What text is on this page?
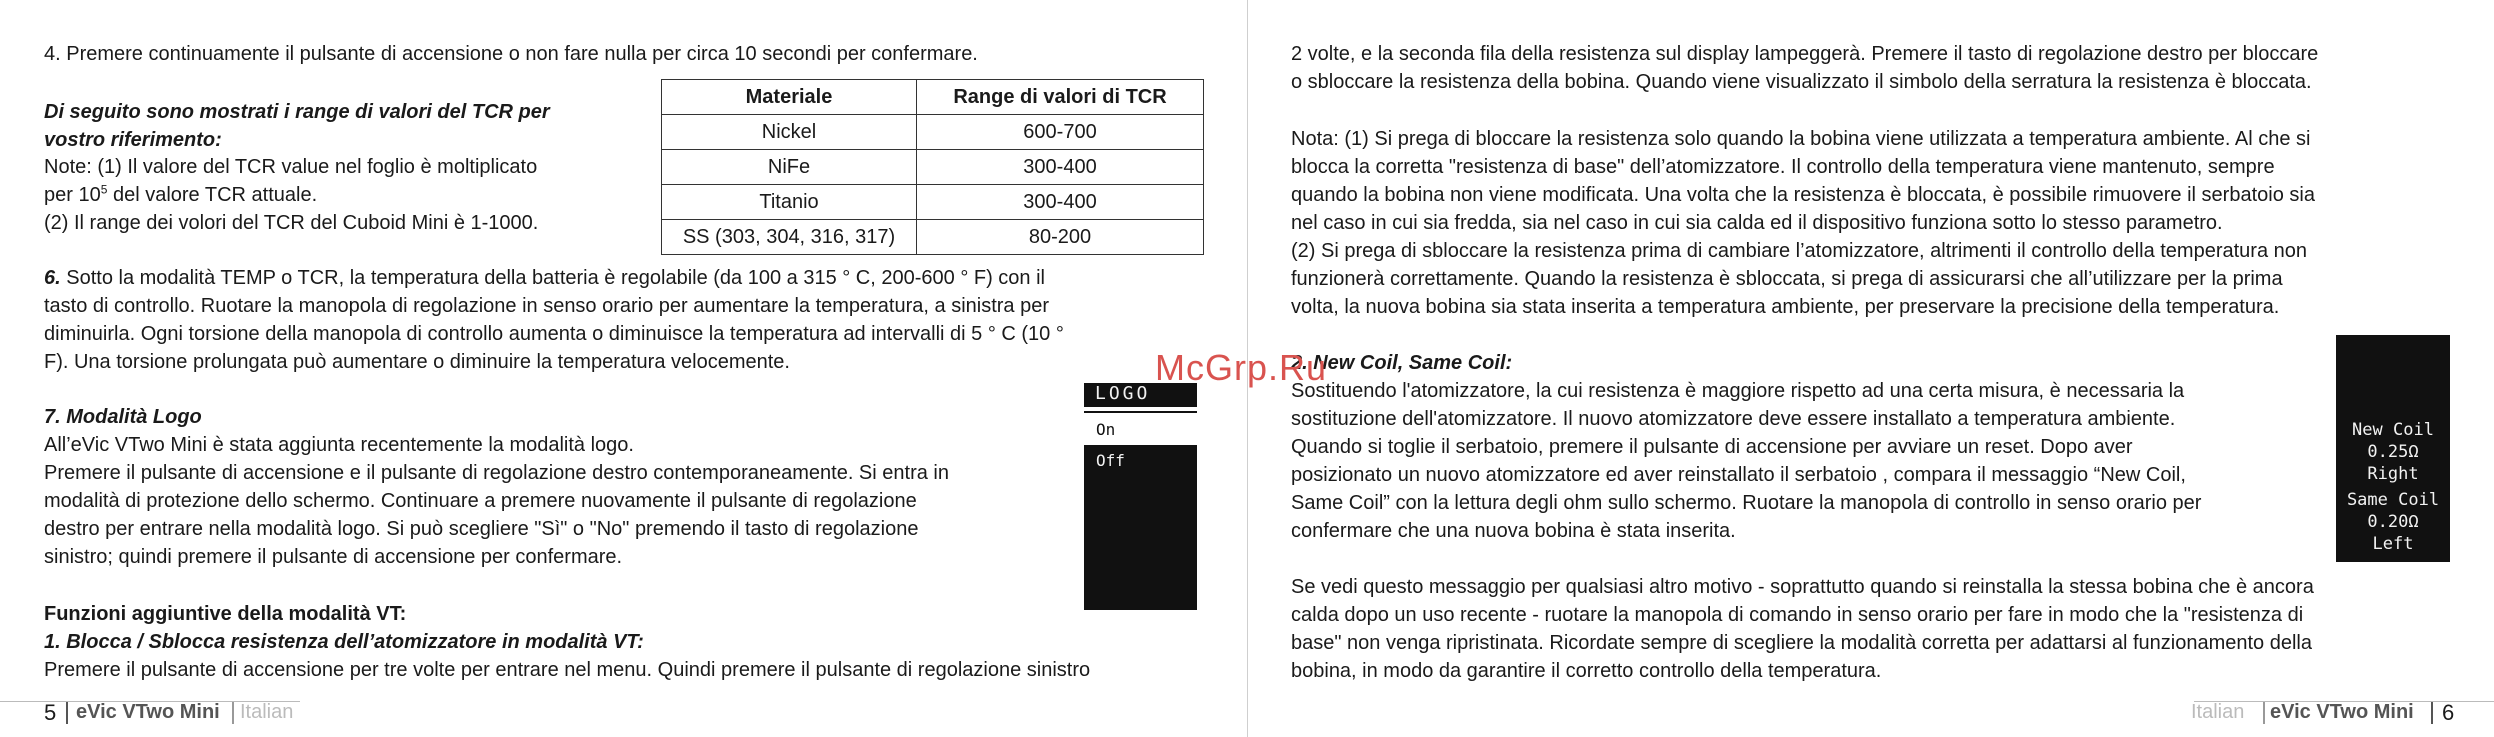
4. Premere continuamente il pulsante di accensione o non fare nulla per circa 10 secondi per confermare.

Di seguito sono mostrati i range di valori del TCR per

vostro riferimento:

Note: (1) Il valore del TCR value nel foglio è moltiplicato

per $10^5$ del valore TCR attuale.

(2) Il range dei volori del TCR del Cuboid Mini è 1-1000.

Materiale	Range di valori di TCR
Nickel	600-700
NiFe	300-400
Titanio	300-400
SS (303, 304, 316, 317)	80-200

6. Sotto la modalità TEMP o TCR, la temperatura della batteria è regolabile (da 100 a 315 ° C, 200-600 ° F) con il

tasto di controllo. Ruotare la manopola di regolazione in senso orario per aumentare la temperatura, a sinistra per

diminuirla. Ogni torsione della manopola di controllo aumenta o diminuisce la temperatura ad intervalli di 5 ° C (10 °

F). Una torsione prolungata può aumentare o diminuire la temperatura velocemente.

7. Modalità Logo

All’eVic VTwo Mini è stata aggiunta recentemente la modalità logo.

Premere il pulsante di accensione e il pulsante di regolazione destro contemporaneamente. Si entra in

modalità di protezione dello schermo. Continuare a premere nuovamente il pulsante di regolazione

destro per entrare nella modalità logo. Si può scegliere "Sì" o "No" premendo il tasto di regolazione

sinistro; quindi premere il pulsante di accensione per confermare.

LOGO
On
Off

Funzioni aggiuntive della modalità VT:

1. Blocca / Sblocca resistenza dell’atomizzatore in modalità VT:

Premere il pulsante di accensione per tre volte per entrare nel menu. Quindi premere il pulsante di regolazione sinistro

5 eVic VTwo Mini Italian

2 volte, e la seconda fila della resistenza sul display lampeggerà. Premere il tasto di regolazione destro per bloccare

o sbloccare la resistenza della bobina. Quando viene visualizzato il simbolo della serratura la resistenza è bloccata.

Nota: (1) Si prega di bloccare la resistenza solo quando la bobina viene utilizzata a temperatura ambiente. Al che si

blocca la corretta "resistenza di base" dell’atomizzatore. Il controllo della temperatura viene mantenuto, sempre

quando la bobina non viene modificata. Una volta che la resistenza è bloccata, è possibile rimuovere il serbatoio sia

nel caso in cui sia fredda, sia nel caso in cui sia calda ed il dispositivo funziona sotto lo stesso parametro.

(2) Si prega di sbloccare la resistenza prima di cambiare l’atomizzatore, altrimenti il controllo della temperatura non

funzionerà correttamente. Quando la resistenza è sbloccata, si prega di assicurarsi che all’utilizzare per la prima

volta, la nuova bobina sia stata inserita a temperatura ambiente, per preservare la precisione della temperatura.

2. New Coil, Same Coil:

Sostituendo l'atomizzatore, la cui resistenza è maggiore rispetto ad una certa misura, è necessaria la

sostituzione dell'atomizzatore. Il nuovo atomizzatore deve essere installato a temperatura ambiente.

Quando si toglie il serbatoio, premere il pulsante di accensione per avviare un reset. Dopo aver

posizionato un nuovo atomizzatore ed aver reinstallato il serbatoio , compara il messaggio “New Coil,

Same Coil” con la lettura degli ohm sullo schermo. Ruotare la manopola di controllo in senso orario per

confermare che una nuova bobina è stata inserita.

New Coil
0.25Ω
Right
Same Coil
0.20Ω
Left

Se vedi questo messaggio per qualsiasi altro motivo - soprattutto quando si reinstalla la stessa bobina che è ancora

calda dopo un uso recente - ruotare la manopola di comando in senso orario per fare in modo che la "resistenza di

base" non venga ripristinata. Ricordate sempre di scegliere la modalità corretta per adattarsi al funzionamento della

bobina, in modo da garantire il corretto controllo della temperatura.

Italian eVic VTwo Mini 6
McGrp.Ru
